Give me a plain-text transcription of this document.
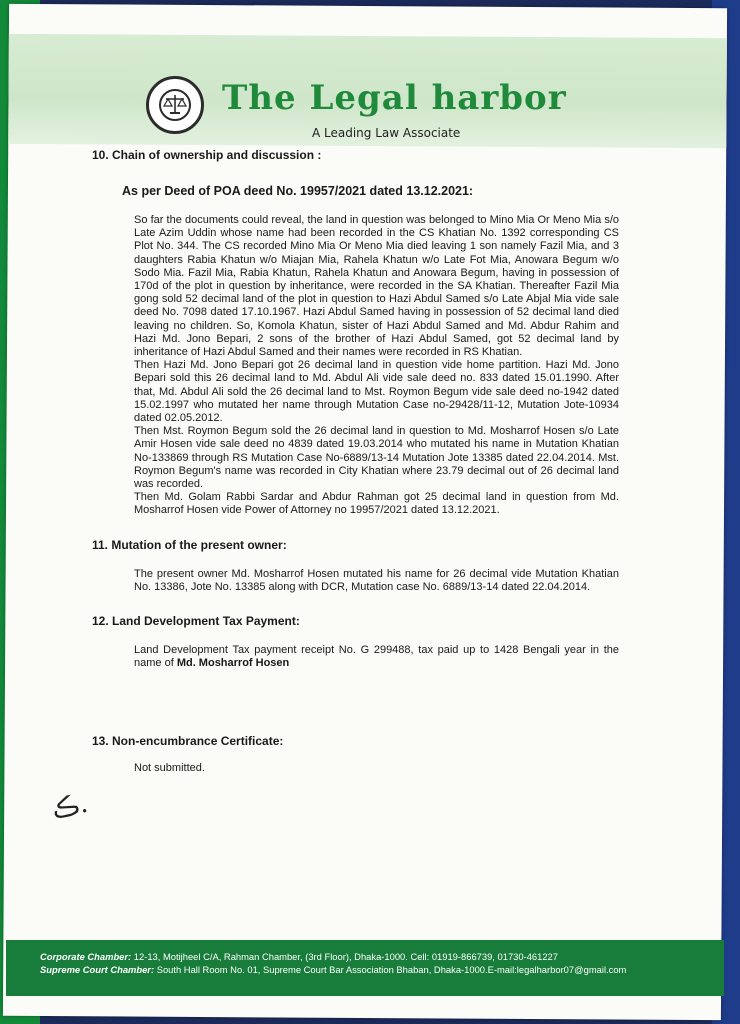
The Legal harbor
A Leading Law Associate
10. Chain of ownership and discussion :
As per Deed of POA deed No. 19957/2021 dated 13.12.2021:

So far the documents could reveal, the land in question was belonged to Mino Mia Or Meno Mia s/o Late Azim Uddin whose name had been recorded in the CS Khatian No. 1392 corresponding CS Plot No. 344. The CS recorded Mino Mia Or Meno Mia died leaving 1 son namely Fazil Mia, and 3 daughters Rabia Khatun w/o Miajan Mia, Rahela Khatun w/o Late Fot Mia, Anowara Begum w/o Sodo Mia. Fazil Mia, Rabia Khatun, Rahela Khatun and Anowara Begum, having in possession of 170d of the plot in question by inheritance, were recorded in the SA Khatian. Thereafter Fazil Mia gong sold 52 decimal land of the plot in question to Hazi Abdul Samed s/o Late Abjal Mia vide sale deed No. 7098 dated 17.10.1967. Hazi Abdul Samed having in possession of 52 decimal land died leaving no children. So, Komola Khatun, sister of Hazi Abdul Samed and Md. Abdur Rahim and Hazi Md. Jono Bepari, 2 sons of the brother of Hazi Abdul Samed, got 52 decimal land by inheritance of Hazi Abdul Samed and their names were recorded in RS Khatian.

Then Hazi Md. Jono Bepari got 26 decimal land in question vide home partition. Hazi Md. Jono Bepari sold this 26 decimal land to Md. Abdul Ali vide sale deed no. 833 dated 15.01.1990. After that, Md. Abdul Ali sold the 26 decimal land to Mst. Roymon Begum vide sale deed no-1942 dated 15.02.1997 who mutated her name through Mutation Case no-29428/11-12, Mutation Jote-10934 dated 02.05.2012.

Then Mst. Roymon Begum sold the 26 decimal land in question to Md. Mosharrof Hosen s/o Late Amir Hosen vide sale deed no 4839 dated 19.03.2014 who mutated his name in Mutation Khatian No-133869 through RS Mutation Case No-6889/13-14 Mutation Jote 13385 dated 22.04.2014. Mst. Roymon Begum's name was recorded in City Khatian where 23.79 decimal out of 26 decimal land was recorded.

Then Md. Golam Rabbi Sardar and Abdur Rahman got 25 decimal land in question from Md. Mosharrof Hosen vide Power of Attorney no 19957/2021 dated 13.12.2021.

11. Mutation of the present owner:
The present owner Md. Mosharrof Hosen mutated his name for 26 decimal vide Mutation Khatian No. 13386, Jote No. 13385 along with DCR, Mutation case No. 6889/13-14 dated 22.04.2014.
12. Land Development Tax Payment:
Land Development Tax payment receipt No. G 299488, tax paid up to 1428 Bengali year in the name of Md. Mosharrof Hosen
13. Non-encumbrance Certificate:
Not submitted.
ڪ.
Corporate Chamber: 12-13, Motijheel C/A, Rahman Chamber, (3rd Floor), Dhaka-1000. Cell: 01919-866739, 01730-461227
Supreme Court Chamber: South Hall Room No. 01, Supreme Court Bar Association Bhaban, Dhaka-1000.E-mail:legalharbor07@gmail.com
